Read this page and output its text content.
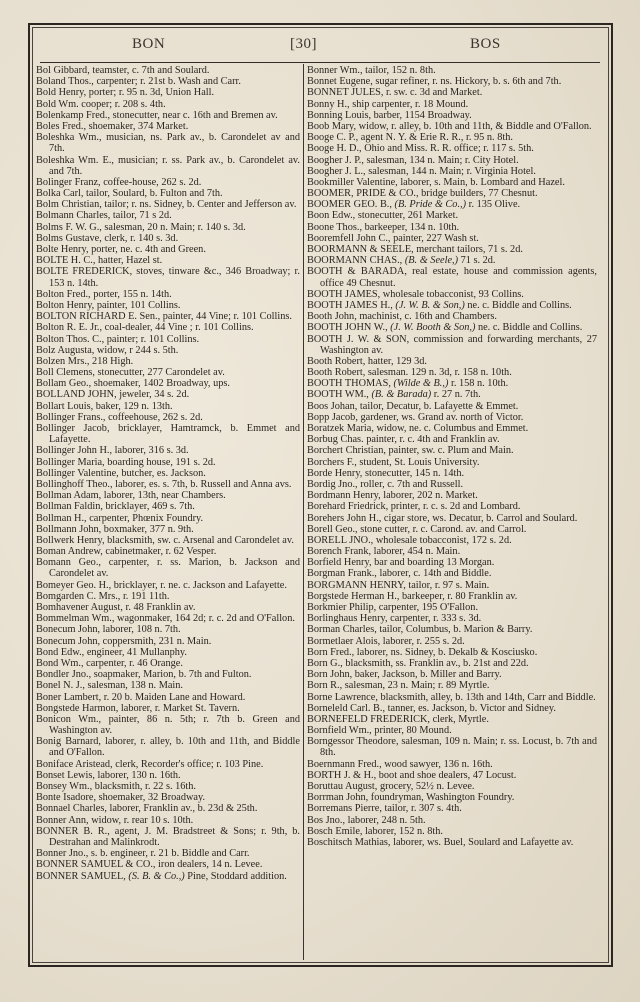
BON	[30]	BOS
Bol Gibbard, teamster, c. 7th and Soulard.
Boland Thos., carpenter; r. 21st b. Wash and Carr.
Bold Henry, porter; r. 95 n. 3d, Union Hall.
Bold Wm. cooper; r. 208 s. 4th.
Bolenkamp Fred., stonecutter, near c. 16th and Bremen av.
Boles Fred., shoemaker, 374 Market.
Boleshka Wm., musician, ns. Park av., b. Carondelet av and 7th.
Boleshka Wm. E., musician; r. ss. Park av., b. Carondelet av. and 7th.
Bolinger Franz, coffee-house, 262 s. 2d.
Bolka Carl, tailor, Soulard, b. Fulton and 7th.
Bolm Christian, tailor; r. ns. Sidney, b. Center and Jefferson av.
Bolmann Charles, tailor, 71 s 2d.
Bolms F. W. G., salesman, 20 n. Main; r. 140 s. 3d.
Bolms Gustave, clerk, r. 140 s. 3d.
Bolte Henry, porter, ne. c. 4th and Green.
BOLTE H. C., hatter, Hazel st.
BOLTE FREDERICK, stoves, tinware &c., 346 Broadway; r. 153 n. 14th.
Bolton Fred., porter, 155 n. 14th.
Bolton Henry, painter, 101 Collins.
BOLTON RICHARD E. Sen., painter, 44 Vine; r. 101 Collins.
Bolton R. E. Jr., coal-dealer, 44 Vine ; r. 101 Collins.
Bolton Thos. C., painter; r. 101 Collins.
Bolz Augusta, widow, r 244 s. 5th.
Bolzen Mrs., 218 High.
Boll Clemens, stonecutter, 277 Carondelet av.
Bollam Geo., shoemaker, 1402 Broadway, ups.
BOLLAND JOHN, jeweler, 34 s. 2d.
Bollart Louis, baker, 129 n. 13th.
Bollinger Frans., coffeehouse, 262 s. 2d.
Bollinger Jacob, bricklayer, Hamtramck, b. Emmet and Lafayette.
Bollinger John H., laborer, 316 s. 3d.
Bollinger Maria, boarding house, 191 s. 2d.
Bollinger Valentine, butcher, es. Jackson.
Bollinghoff Theo., laborer, es. s. 7th, b. Russell and Anna avs.
Bollman Adam, laborer, 13th, near Chambers.
Bollman Faldin, bricklayer, 469 s. 7th.
Bollman H., carpenter, Phœnix Foundry.
Bollmann John, boxmaker, 377 n. 9th.
Bollwerk Henry, blacksmith, sw. c. Arsenal and Carondelet av.
Boman Andrew, cabinetmaker, r. 62 Vesper.
Bomann Geo., carpenter, r. ss. Marion, b. Jackson and Carondelet av.
Bomeyer Geo. H., bricklayer, r. ne. c. Jackson and Lafayette.
Bomgarden C. Mrs., r. 191 11th.
Bomhavener August, r. 48 Franklin av.
Bommelman Wm., wagonmaker, 164 2d; r. c. 2d and O'Fallon.
Bonecum John, laborer, 108 n. 7th.
Bonecum John, coppersmith, 231 n. Main.
Bond Edw., engineer, 41 Mullanphy.
Bond Wm., carpenter, r. 46 Orange.
Bondler Jno., soapmaker, Marion, b. 7th and Fulton.
Bonel N. J., salesman, 138 n. Main.
Boner Lambert, r. 20 b. Maiden Lane and Howard.
Bongstede Harmon, laborer, r. Market St. Tavern.
Bonicon Wm., painter, 86 n. 5th; r. 7th b. Green and Washington av.
Bonig Barnard, laborer, r. alley, b. 10th and 11th, and Biddle and O'Fallon.
Boniface Aristead, clerk, Recorder's office; r. 103 Pine.
Bonset Lewis, laborer, 130 n. 16th.
Bonsey Wm., blacksmith, r. 22 s. 16th.
Bonte Isadore, shoemaker, 32 Broadway.
Bonnael Charles, laborer, Franklin av., b. 23d & 25th.
Bonner Ann, widow, r. rear 10 s. 10th.
BONNER B. R., agent, J. M. Bradstreet & Sons; r. 9th, b. Destrahan and Malinkrodt.
Bonner Jno., s. b. engineer, r. 21 b. Biddle and Carr.
BONNER SAMUEL & CO., iron dealers, 14 n. Levee.
BONNER SAMUEL, (S. B. & Co.,) Pine, Stoddard addition.
Bonner Wm., tailor, 152 n. 8th.
Bonnet Eugene, sugar refiner, r. ns. Hickory, b. s. 6th and 7th.
BONNET JULES, r. sw. c. 3d and Market.
Bonny H., ship carpenter, r. 18 Mound.
Bonning Louis, barber, 1154 Broadway.
Boob Mary, widow, r. alley, b. 10th and 11th, & Biddle and O'Fallon.
Booge C. P., agent N. Y. & Erie R. R., r. 95 n. 8th.
Booge H. D., Ohio and Miss. R. R. office; r. 117 s. 5th.
Boogher J. P., salesman, 134 n. Main; r. City Hotel.
Boogher J. L., salesman, 144 n. Main; r. Virginia Hotel.
Bookmiller Valentine, laborer, s. Main, b. Lombard and Hazel.
BOOMER, PRIDE & CO., bridge builders, 77 Chesnut.
BOOMER GEO. B., (B. Pride & Co.,) r. 135 Olive.
Boon Edw., stonecutter, 261 Market.
Boone Thos., barkeeper, 134 n. 10th.
Booremfell John C., painter, 227 Wash st.
BOORMANN & SEELE, merchant tailors, 71 s. 2d.
BOORMANN CHAS., (B. & Seele,) 71 s. 2d.
BOOTH & BARADA, real estate, house and commission agents, office 49 Chesnut.
BOOTH JAMES, wholesale tobacconist, 93 Collins.
BOOTH JAMES H., (J. W. B. & Son,) ne. c. Biddle and Collins.
Booth John, machinist, c. 16th and Chambers.
BOOTH JOHN W., (J. W. Booth & Son,) ne. c. Biddle and Collins.
BOOTH J. W. & SON, commission and forwarding merchants, 27 Washington av.
Booth Robert, hatter, 129 3d.
Booth Robert, salesman. 129 n. 3d, r. 158 n. 10th.
BOOTH THOMAS, (Wilde & B.,) r. 158 n. 10th.
BOOTH WM., (B. & Barada) r. 27 n. 7th.
Boos Johan, tailor, Decatur, b. Lafayette & Emmet.
Bopp Jacob, gardener, ws. Grand av. north of Victor.
Boratzek Maria, widow, ne. c. Columbus and Emmet.
Borbug Chas. painter, r. c. 4th and Franklin av.
Borchert Christian, painter, sw. c. Plum and Main.
Borchers F., student, St. Louis University.
Borde Henry, stonecutter, 145 n. 14th.
Bordig Jno., roller, c. 7th and Russell.
Bordmann Henry, laborer, 202 n. Market.
Borehard Friedrick, printer, r. c. s. 2d and Lombard.
Borehers John H., cigar store, ws. Decatur, b. Carrol and Soulard.
Borell Geo., stone cutter, r. c. Carond. av. and Carrol.
BORELL JNO., wholesale tobacconist, 172 s. 2d.
Borench Frank, laborer, 454 n. Main.
Borfield Henry, bar and boarding 13 Morgan.
Borgman Frank., laborer, c. 14th and Biddle.
BORGMANN HENRY, tailor, r. 97 s. Main.
Borgstede Herman H., barkeeper, r. 80 Franklin av.
Borkmier Philip, carpenter, 195 O'Fallon.
Borlinghaus Henry, carpenter, r. 333 s. 3d.
Borman Charles, tailor, Columbus, b. Marion & Barry.
Bormetlaer Alois, laborer, r. 255 s. 2d.
Born Fred., laborer, ns. Sidney, b. Dekalb & Kosciusko.
Born G., blacksmith, ss. Franklin av., b. 21st and 22d.
Born John, baker, Jackson, b. Miller and Barry.
Born R., salesman, 23 n. Main; r. 89 Myrtle.
Borne Lawrence, blacksmith, alley, b. 13th and 14th, Carr and Biddle.
Borneleld Carl. B., tanner, es. Jackson, b. Victor and Sidney.
BORNEFELD FREDERICK, clerk, Myrtle.
Bornfield Wm., printer, 80 Mound.
Borngessor Theodore, salesman, 109 n. Main; r. ss. Locust, b. 7th and 8th.
Boernmann Fred., wood sawyer, 136 n. 16th.
BORTH J. & H., boot and shoe dealers, 47 Locust.
Boruttau August, grocery, 52½ n. Levee.
Borrman John, foundryman, Washington Foundry.
Borremans Pierre, tailor, r. 307 s. 4th.
Bos Jno., laborer, 248 n. 5th.
Bosch Emile, laborer, 152 n. 8th.
Boschitsch Mathias, laborer, ws. Buel, Soulard and Lafayette av.
